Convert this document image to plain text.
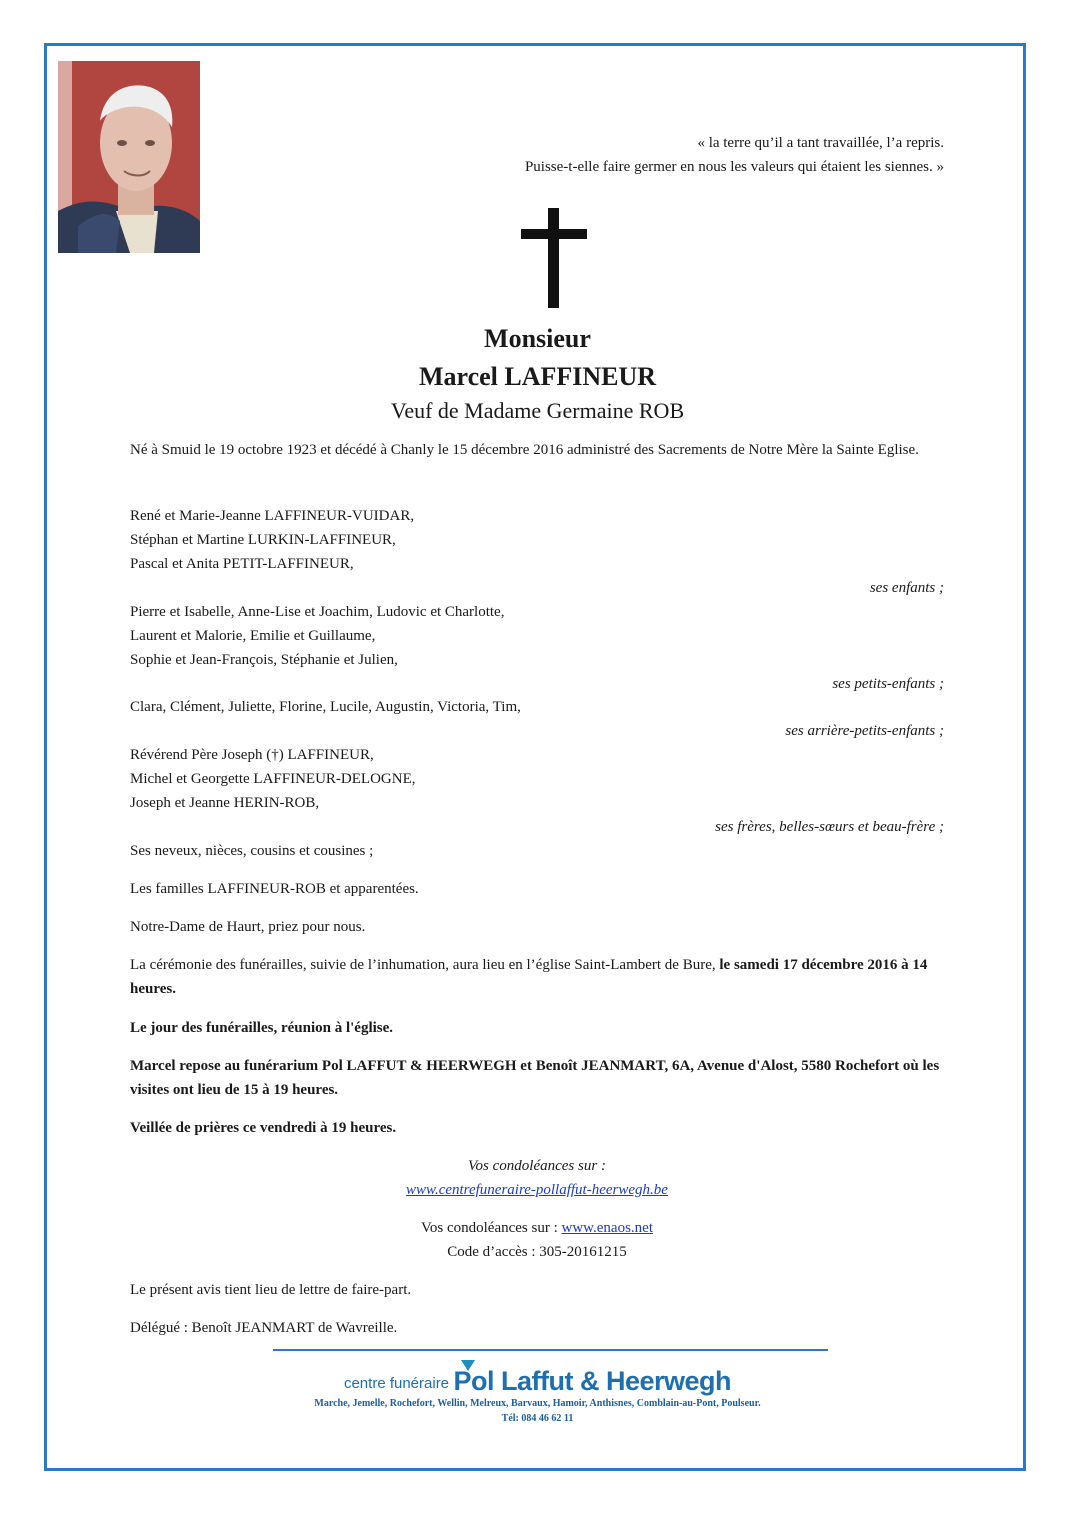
« la terre qu’il a tant travaillée, l’a repris.
Puisse-t-elle faire germer en nous les valeurs qui étaient les siennes. »
Monsieur
Marcel LAFFINEUR
Veuf de Madame Germaine ROB

Né à Smuid le 19 octobre 1923 et décédé à Chanly le 15 décembre 2016 administré des Sacrements de Notre Mère la Sainte Eglise.

René et Marie-Jeanne LAFFINEUR-VUIDAR,
Stéphan et Martine LURKIN-LAFFINEUR,
Pascal et Anita PETIT-LAFFINEUR,
ses enfants ;
Pierre et Isabelle, Anne-Lise et Joachim, Ludovic et Charlotte,
Laurent et Malorie, Emilie et Guillaume,
Sophie et Jean-François, Stéphanie et Julien,
ses petits-enfants ;
Clara, Clément, Juliette, Florine, Lucile, Augustin, Victoria, Tim,
ses arrière-petits-enfants ;
Révérend Père Joseph (†) LAFFINEUR,
Michel et Georgette LAFFINEUR-DELOGNE,
Joseph et Jeanne HERIN-ROB,
ses frères, belles-sœurs et beau-frère ;
Ses neveux, nièces, cousins et cousines ;
Les familles LAFFINEUR-ROB et apparentées.
Notre-Dame de Haurt, priez pour nous.
La cérémonie des funérailles, suivie de l’inhumation, aura lieu en l’église Saint-Lambert de Bure, le samedi 17 décembre 2016 à 14 heures.
Le jour des funérailles, réunion à l'église.
Marcel repose au funérarium Pol LAFFUT & HEERWEGH et Benoît JEANMART, 6A, Avenue d'Alost, 5580 Rochefort où les visites ont lieu de 15 à 19 heures.
Veillée de prières ce vendredi à 19 heures.
Vos condoléances sur :
www.centrefuneraire-pollaffut-heerwegh.be
Vos condoléances sur : www.enaos.net
Code d’accès : 305-20161215
Le présent avis tient lieu de lettre de faire-part.
Délégué : Benoît JEANMART de Wavreille.
centre funéraire Pol Laffut & Heerwegh
Marche, Jemelle, Rochefort, Wellin, Melreux, Barvaux, Hamoir, Anthisnes, Comblain-au-Pont, Poulseur.
Tél: 084 46 62 11
